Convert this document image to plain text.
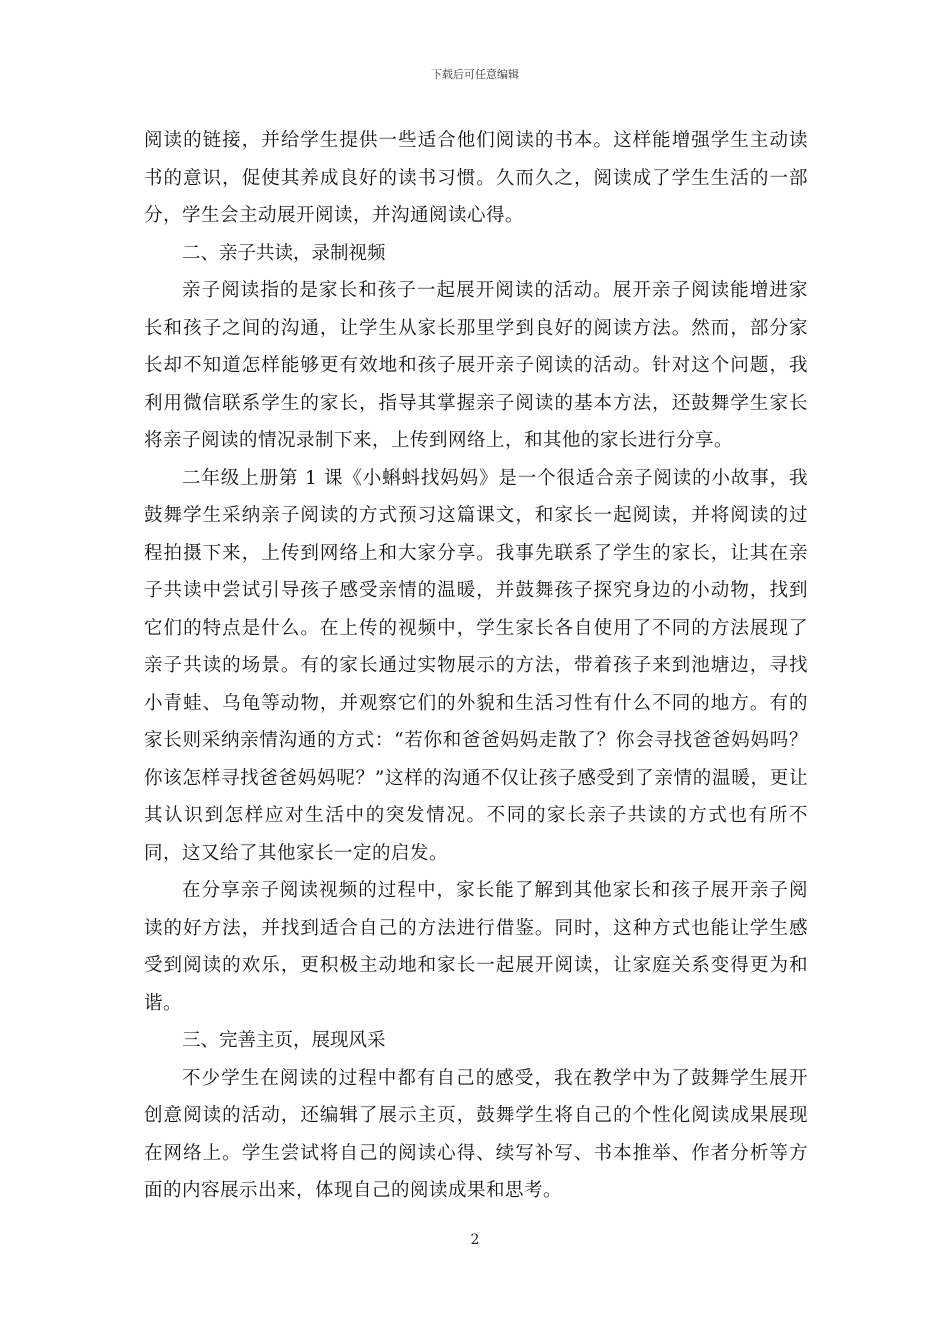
下载后可任意编辑

阅读的链接，并给学生提供一些适合他们阅读的书本。这样能增强学生主动读书的意识，促使其养成良好的读书习惯。久而久之，阅读成了学生生活的一部分，学生会主动展开阅读，并沟通阅读心得。

二、亲子共读，录制视频

亲子阅读指的是家长和孩子一起展开阅读的活动。展开亲子阅读能增进家长和孩子之间的沟通，让学生从家长那里学到良好的阅读方法。然而，部分家长却不知道怎样能够更有效地和孩子展开亲子阅读的活动。针对这个问题，我利用微信联系学生的家长，指导其掌握亲子阅读的基本方法，还鼓舞学生家长将亲子阅读的情况录制下来，上传到网络上，和其他的家长进行分享。

二年级上册第 1 课《小蝌蚪找妈妈》是一个很适合亲子阅读的小故事，我鼓舞学生采纳亲子阅读的方式预习这篇课文，和家长一起阅读，并将阅读的过程拍摄下来，上传到网络上和大家分享。我事先联系了学生的家长，让其在亲子共读中尝试引导孩子感受亲情的温暖，并鼓舞孩子探究身边的小动物，找到它们的特点是什么。在上传的视频中，学生家长各自使用了不同的方法展现了亲子共读的场景。有的家长通过实物展示的方法，带着孩子来到池塘边，寻找小青蛙、乌龟等动物，并观察它们的外貌和生活习性有什么不同的地方。有的家长则采纳亲情沟通的方式：“若你和爸爸妈妈走散了？你会寻找爸爸妈妈吗？你该怎样寻找爸爸妈妈呢？”这样的沟通不仅让孩子感受到了亲情的温暖，更让其认识到怎样应对生活中的突发情况。不同的家长亲子共读的方式也有所不同，这又给了其他家长一定的启发。

在分享亲子阅读视频的过程中，家长能了解到其他家长和孩子展开亲子阅读的好方法，并找到适合自己的方法进行借鉴。同时，这种方式也能让学生感受到阅读的欢乐，更积极主动地和家长一起展开阅读，让家庭关系变得更为和谐。

三、完善主页，展现风采

不少学生在阅读的过程中都有自己的感受，我在教学中为了鼓舞学生展开创意阅读的活动，还编辑了展示主页，鼓舞学生将自己的个性化阅读成果展现在网络上。学生尝试将自己的阅读心得、续写补写、书本推举、作者分析等方面的内容展示出来，体现自己的阅读成果和思考。

2
